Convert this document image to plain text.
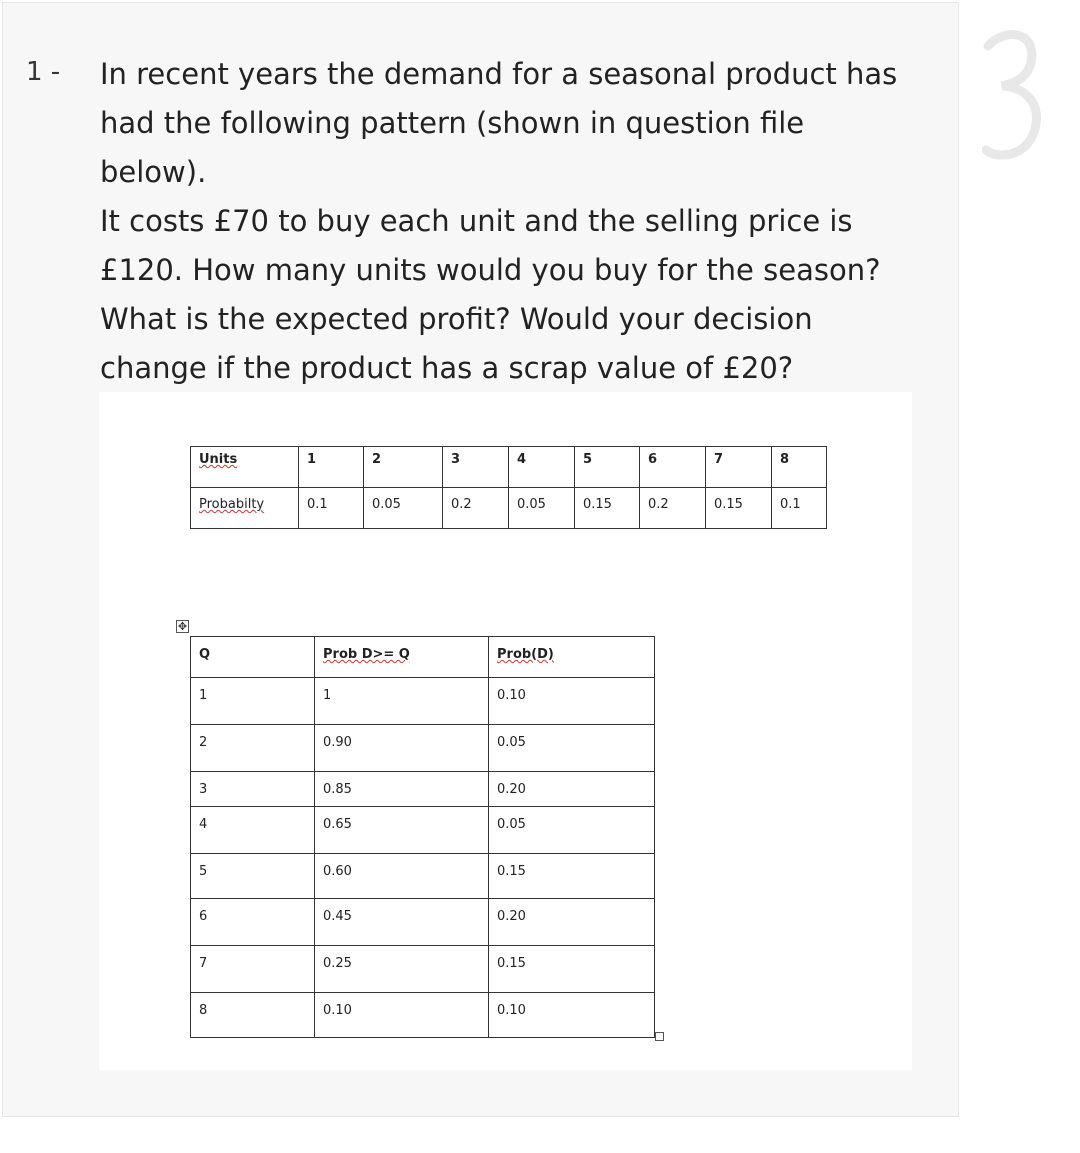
1 - In recent years the demand for a seasonal product has

had the following pattern (shown in question file

below).

It costs £70 to buy each unit and the selling price is

£120. How many units would you buy for the season?

What is the expected profit? Would your decision

change if the product has a scrap value of £20?

Units	1	2	3	4	5	6	7	8
Probabilty	0.1	0.05	0.2	0.05	0.15	0.2	0.15	0.1
✥
Q	Prob D>= Q	Prob(D)
1	1	0.10
2	0.90	0.05
3	0.85	0.20
4	0.65	0.05
5	0.60	0.15
6	0.45	0.20
7	0.25	0.15
8	0.10	0.10
